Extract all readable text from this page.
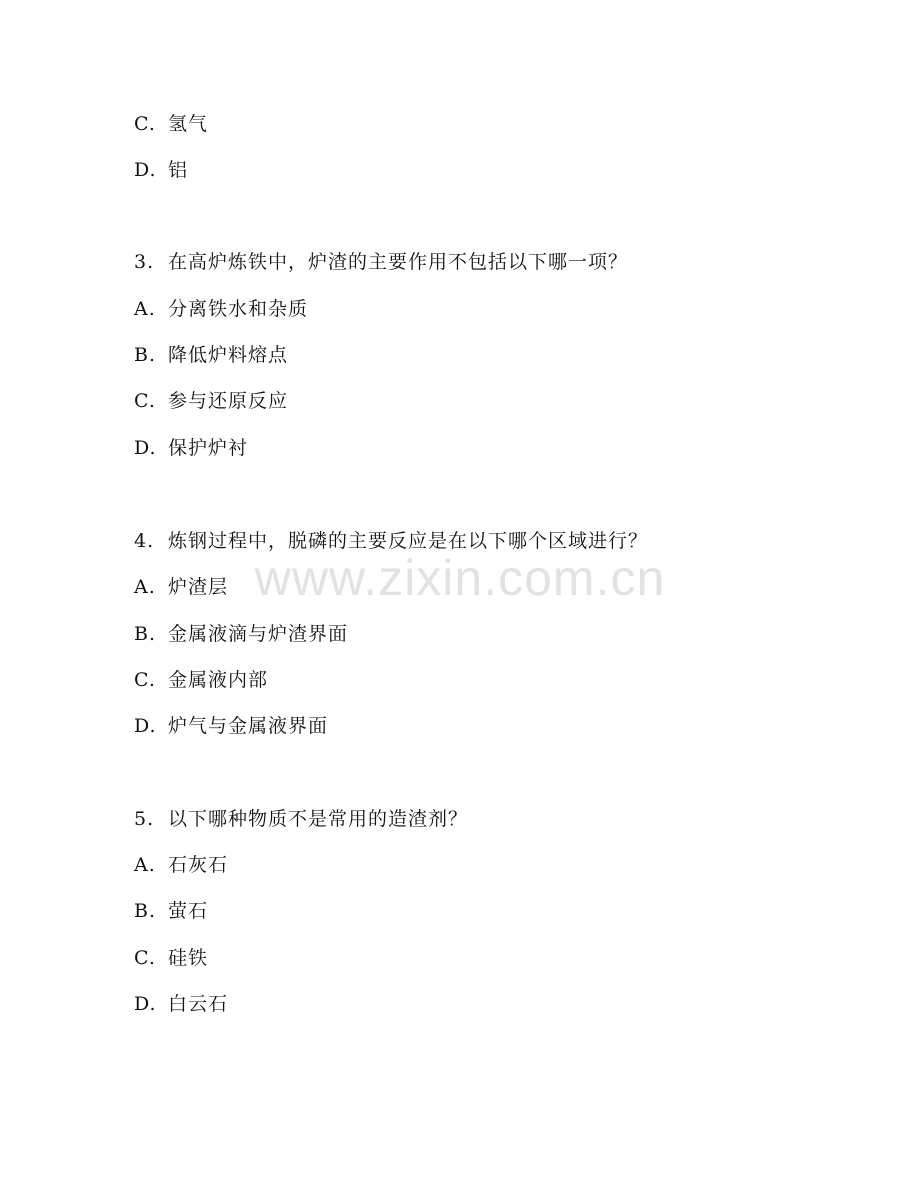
C. 氢气
D. 铝
3. 在高炉炼铁中，炉渣的主要作用不包括以下哪一项？
A. 分离铁水和杂质
B. 降低炉料熔点
C. 参与还原反应
D. 保护炉衬
4. 炼钢过程中，脱磷的主要反应是在以下哪个区域进行？
A. 炉渣层
B. 金属液滴与炉渣界面
C. 金属液内部
D. 炉气与金属液界面
5. 以下哪种物质不是常用的造渣剂？
A. 石灰石
B. 萤石
C. 硅铁
D. 白云石
www.zixin.com.cn
